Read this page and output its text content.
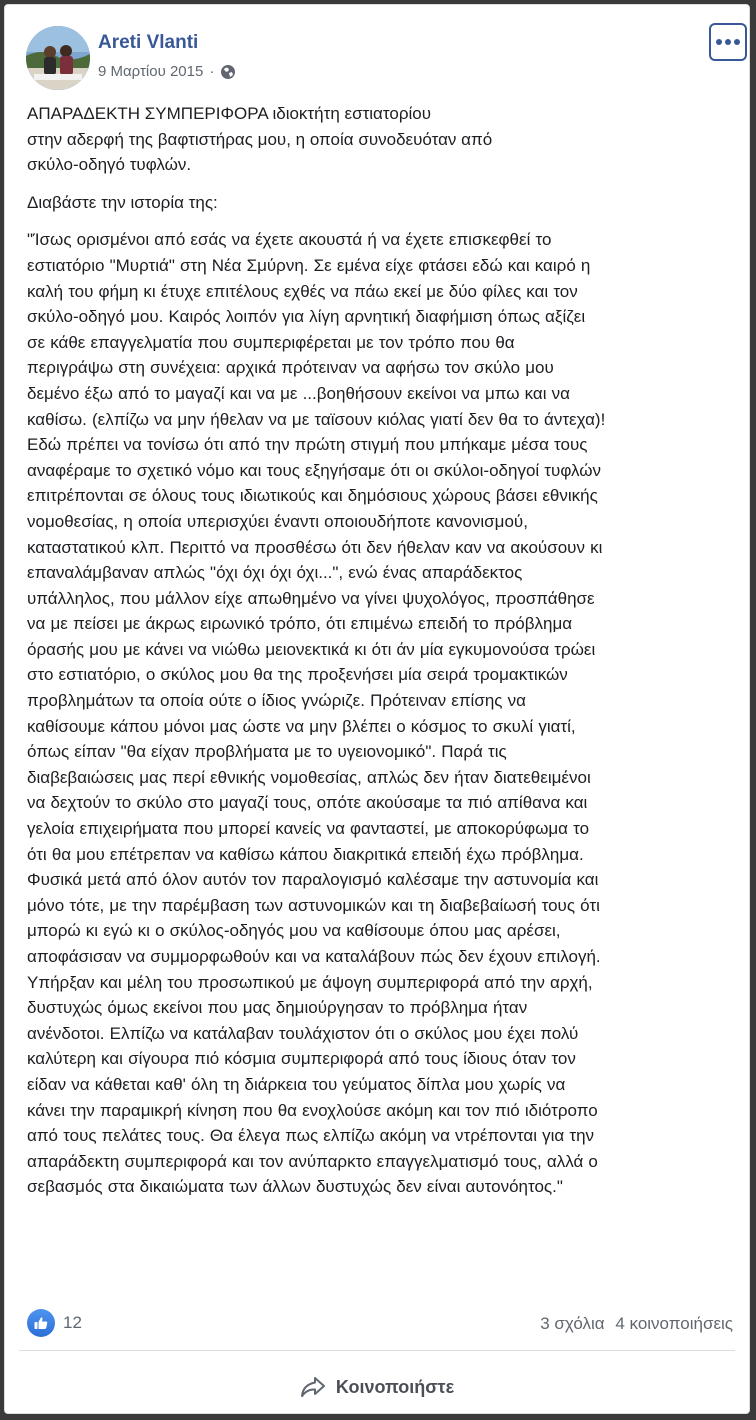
Areti Vlanti
9 Μαρτίου 2015 ·

ΑΠΑΡΑΔΕΚΤΗ ΣΥΜΠΕΡΙΦΟΡΑ ιδιοκτήτη εστιατορίου
στην αδερφή της βαφτιστήρας μου, η οποία συνοδευόταν από
σκύλο-οδηγό τυφλών.

Διαβάστε την ιστορία της:

"Ίσως ορισμένοι από εσάς να έχετε ακουστά ή να έχετε επισκεφθεί το
εστιατόριο "Μυρτιά" στη Νέα Σμύρνη. Σε εμένα είχε φτάσει εδώ και καιρό η
καλή του φήμη κι έτυχε επιτέλους εχθές να πάω εκεί με δύο φίλες και τον
σκύλο-οδηγό μου. Καιρός λοιπόν για λίγη αρνητική διαφήμιση όπως αξίζει
σε κάθε επαγγελματία που συμπεριφέρεται με τον τρόπο που θα
περιγράψω στη συνέχεια: αρχικά πρότειναν να αφήσω τον σκύλο μου
δεμένο έξω από το μαγαζί και να με ...βοηθήσουν εκείνοι να μπω και να
καθίσω. (ελπίζω να μην ήθελαν να με ταϊσουν κιόλας γιατί δεν θα το άντεχα)!
Εδώ πρέπει να τονίσω ότι από την πρώτη στιγμή που μπήκαμε μέσα τους
αναφέραμε το σχετικό νόμο και τους εξηγήσαμε ότι οι σκύλοι-οδηγοί τυφλών
επιτρέπονται σε όλους τους ιδιωτικούς και δημόσιους χώρους βάσει εθνικής
νομοθεσίας, η οποία υπερισχύει έναντι οποιουδήποτε κανονισμού,
καταστατικού κλπ. Περιττό να προσθέσω ότι δεν ήθελαν καν να ακούσουν κι
επαναλάμβαναν απλώς "όχι όχι όχι όχι...", ενώ ένας απαράδεκτος
υπάλληλος, που μάλλον είχε απωθημένο να γίνει ψυχολόγος, προσπάθησε
να με πείσει με άκρως ειρωνικό τρόπο, ότι επιμένω επειδή το πρόβλημα
όρασής μου με κάνει να νιώθω μειονεκτικά κι ότι άν μία εγκυμονούσα τρώει
στο εστιατόριο, ο σκύλος μου θα της προξενήσει μία σειρά τρομακτικών
προβλημάτων τα οποία ούτε ο ίδιος γνώριζε. Πρότειναν επίσης να
καθίσουμε κάπου μόνοι μας ώστε να μην βλέπει ο κόσμος το σκυλί γιατί,
όπως είπαν "θα είχαν προβλήματα με το υγειονομικό". Παρά τις
διαβεβαιώσεις μας περί εθνικής νομοθεσίας, απλώς δεν ήταν διατεθειμένοι
να δεχτούν το σκύλο στο μαγαζί τους, οπότε ακούσαμε τα πιό απίθανα και
γελοία επιχειρήματα που μπορεί κανείς να φανταστεί, με αποκορύφωμα το
ότι θα μου επέτρεπαν να καθίσω κάπου διακριτικά επειδή έχω πρόβλημα.
Φυσικά μετά από όλον αυτόν τον παραλογισμό καλέσαμε την αστυνομία και
μόνο τότε, με την παρέμβαση των αστυνομικών και τη διαβεβαίωσή τους ότι
μπορώ κι εγώ κι ο σκύλος-οδηγός μου να καθίσουμε όπου μας αρέσει,
αποφάσισαν να συμμορφωθούν και να καταλάβουν πώς δεν έχουν επιλογή.
Υπήρξαν και μέλη του προσωπικού με άψογη συμπεριφορά από την αρχή,
δυστυχώς όμως εκείνοι που μας δημιούργησαν το πρόβλημα ήταν
ανένδοτοι. Ελπίζω να κατάλαβαν τουλάχιστον ότι ο σκύλος μου έχει πολύ
καλύτερη και σίγουρα πιό κόσμια συμπεριφορά από τους ίδιους όταν τον
είδαν να κάθεται καθ' όλη τη διάρκεια του γεύματος δίπλα μου χωρίς να
κάνει την παραμικρή κίνηση που θα ενοχλούσε ακόμη και τον πιό ιδιότροπο
από τους πελάτες τους. Θα έλεγα πως ελπίζω ακόμη να ντρέπονται για την
απαράδεκτη συμπεριφορά και τον ανύπαρκτο επαγγελματισμό τους, αλλά ο
σεβασμός στα δικαιώματα των άλλων δυστυχώς δεν είναι αυτονόητος."

12	3 σχόλια 4 κοινοποιήσεις
Κοινοποιήστε
